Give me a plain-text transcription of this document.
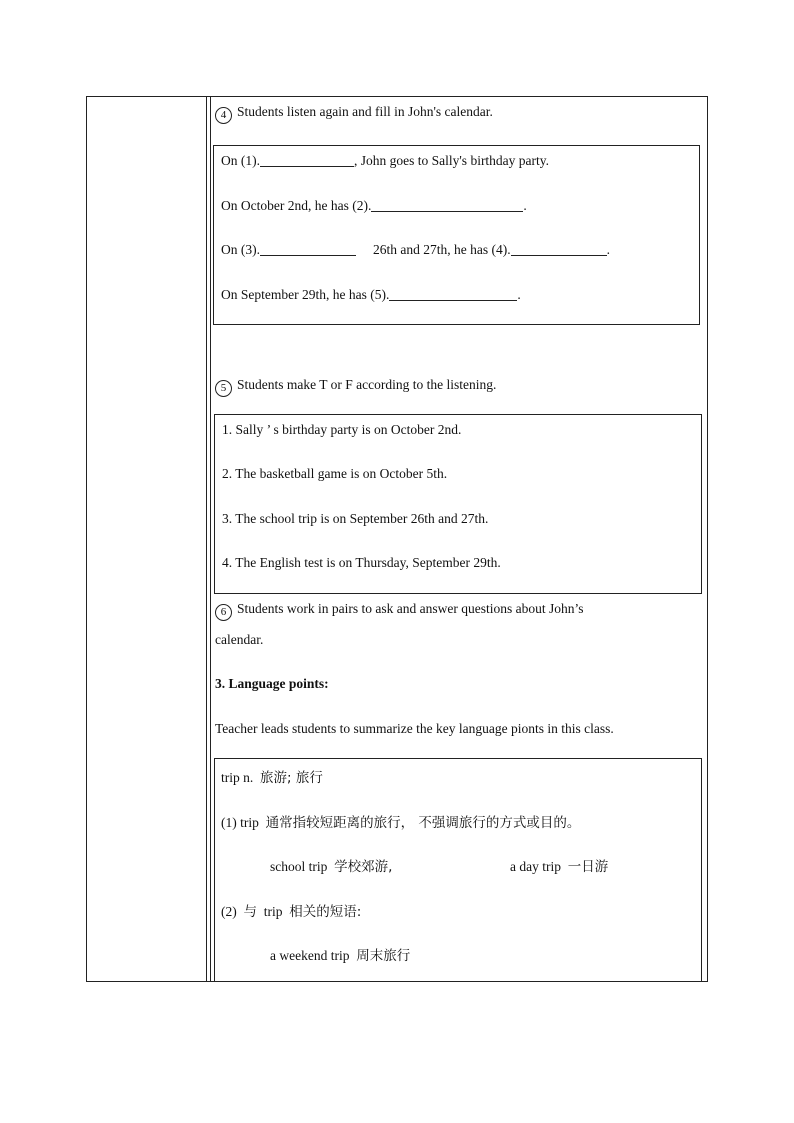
4 Students listen again and fill in John's calendar.
On (1).	, John goes to Sally's birthday party.
On October 2nd, he has (2).	.
On (3).	26th and 27th, he has (4).	.
On September 29th, he has (5).	.
5 Students make T or F according to the listening.
1. Sally ’ s birthday party is on October 2nd.
2. The basketball game is on October 5th.
3. The school trip is on September 26th and 27th.
4. The English test is on Thursday, September 29th.
6 Students work in pairs to ask and answer questions about John’s
calendar.
3. Language points:
Teacher leads students to summarize the key language pionts in this class.
trip n. 旅游; 旅行
(1) trip 通常指较短距离的旅行， 不强调旅行的方式或目的。
school trip 学校郊游,	a day trip 一日游
(2) 与 trip 相关的短语:
a weekend trip 周末旅行
